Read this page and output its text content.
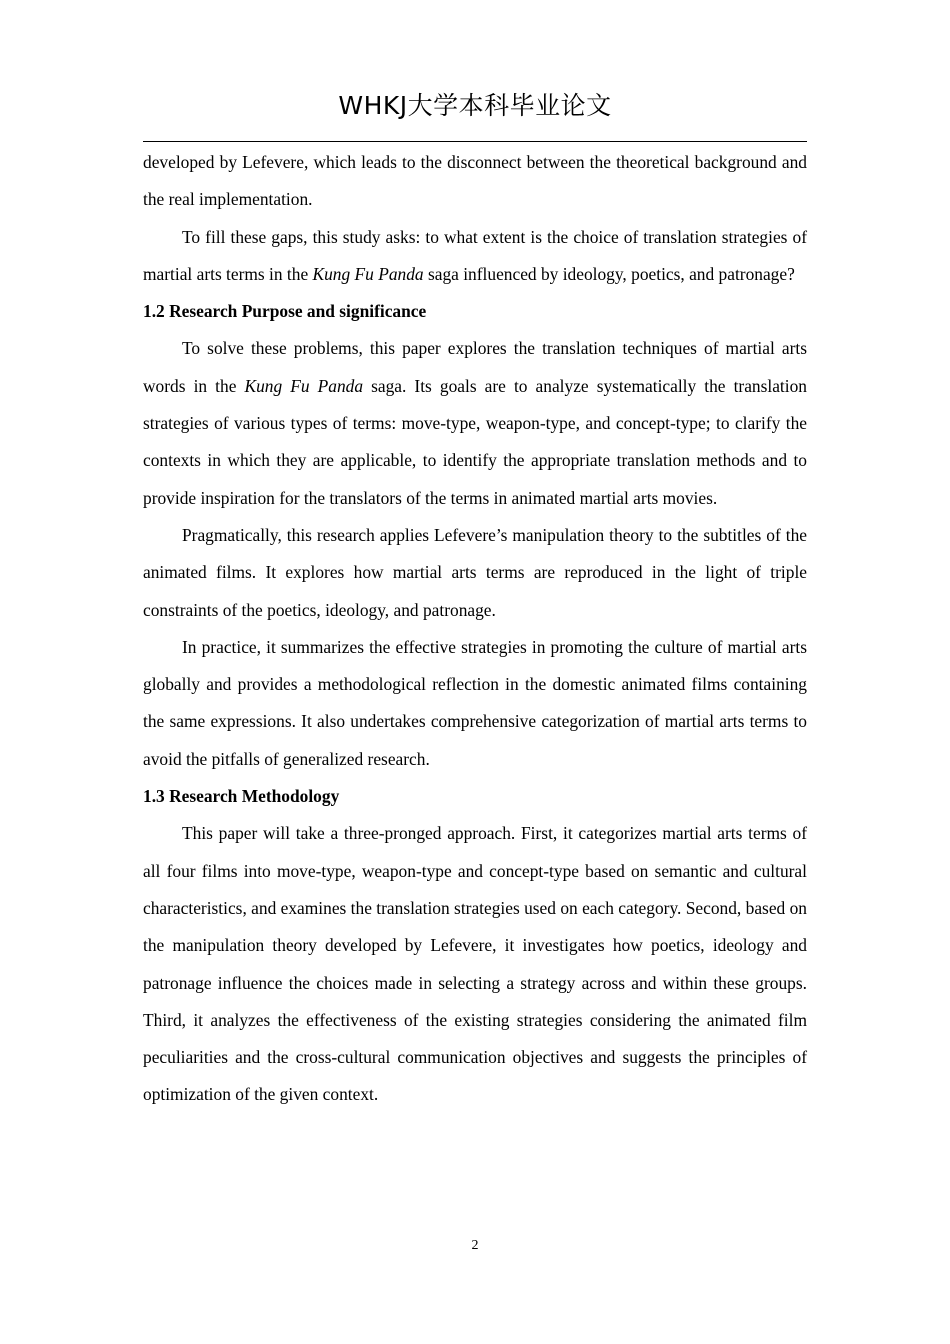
WHKJ大学本科毕业论文

developed by Lefevere, which leads to the disconnect between the theoretical background and the real implementation.

To fill these gaps, this study asks: to what extent is the choice of translation strategies of martial arts terms in the Kung Fu Panda saga influenced by ideology, poetics, and patronage?

1.2 Research Purpose and significance

To solve these problems, this paper explores the translation techniques of martial arts words in the Kung Fu Panda saga. Its goals are to analyze systematically the translation strategies of various types of terms: move-type, weapon-type, and concept-type; to clarify the contexts in which they are applicable, to identify the appropriate translation methods and to provide inspiration for the translators of the terms in animated martial arts movies.

Pragmatically, this research applies Lefevere’s manipulation theory to the subtitles of the animated films. It explores how martial arts terms are reproduced in the light of triple constraints of the poetics, ideology, and patronage.

In practice, it summarizes the effective strategies in promoting the culture of martial arts globally and provides a methodological reflection in the domestic animated films containing the same expressions. It also undertakes comprehensive categorization of martial arts terms to avoid the pitfalls of generalized research.

1.3 Research Methodology

This paper will take a three-pronged approach. First, it categorizes martial arts terms of all four films into move-type, weapon-type and concept-type based on semantic and cultural characteristics, and examines the translation strategies used on each category. Second, based on the manipulation theory developed by Lefevere, it investigates how poetics, ideology and patronage influence the choices made in selecting a strategy across and within these groups. Third, it analyzes the effectiveness of the existing strategies considering the animated film peculiarities and the cross-cultural communication objectives and suggests the principles of optimization of the given context.

2
